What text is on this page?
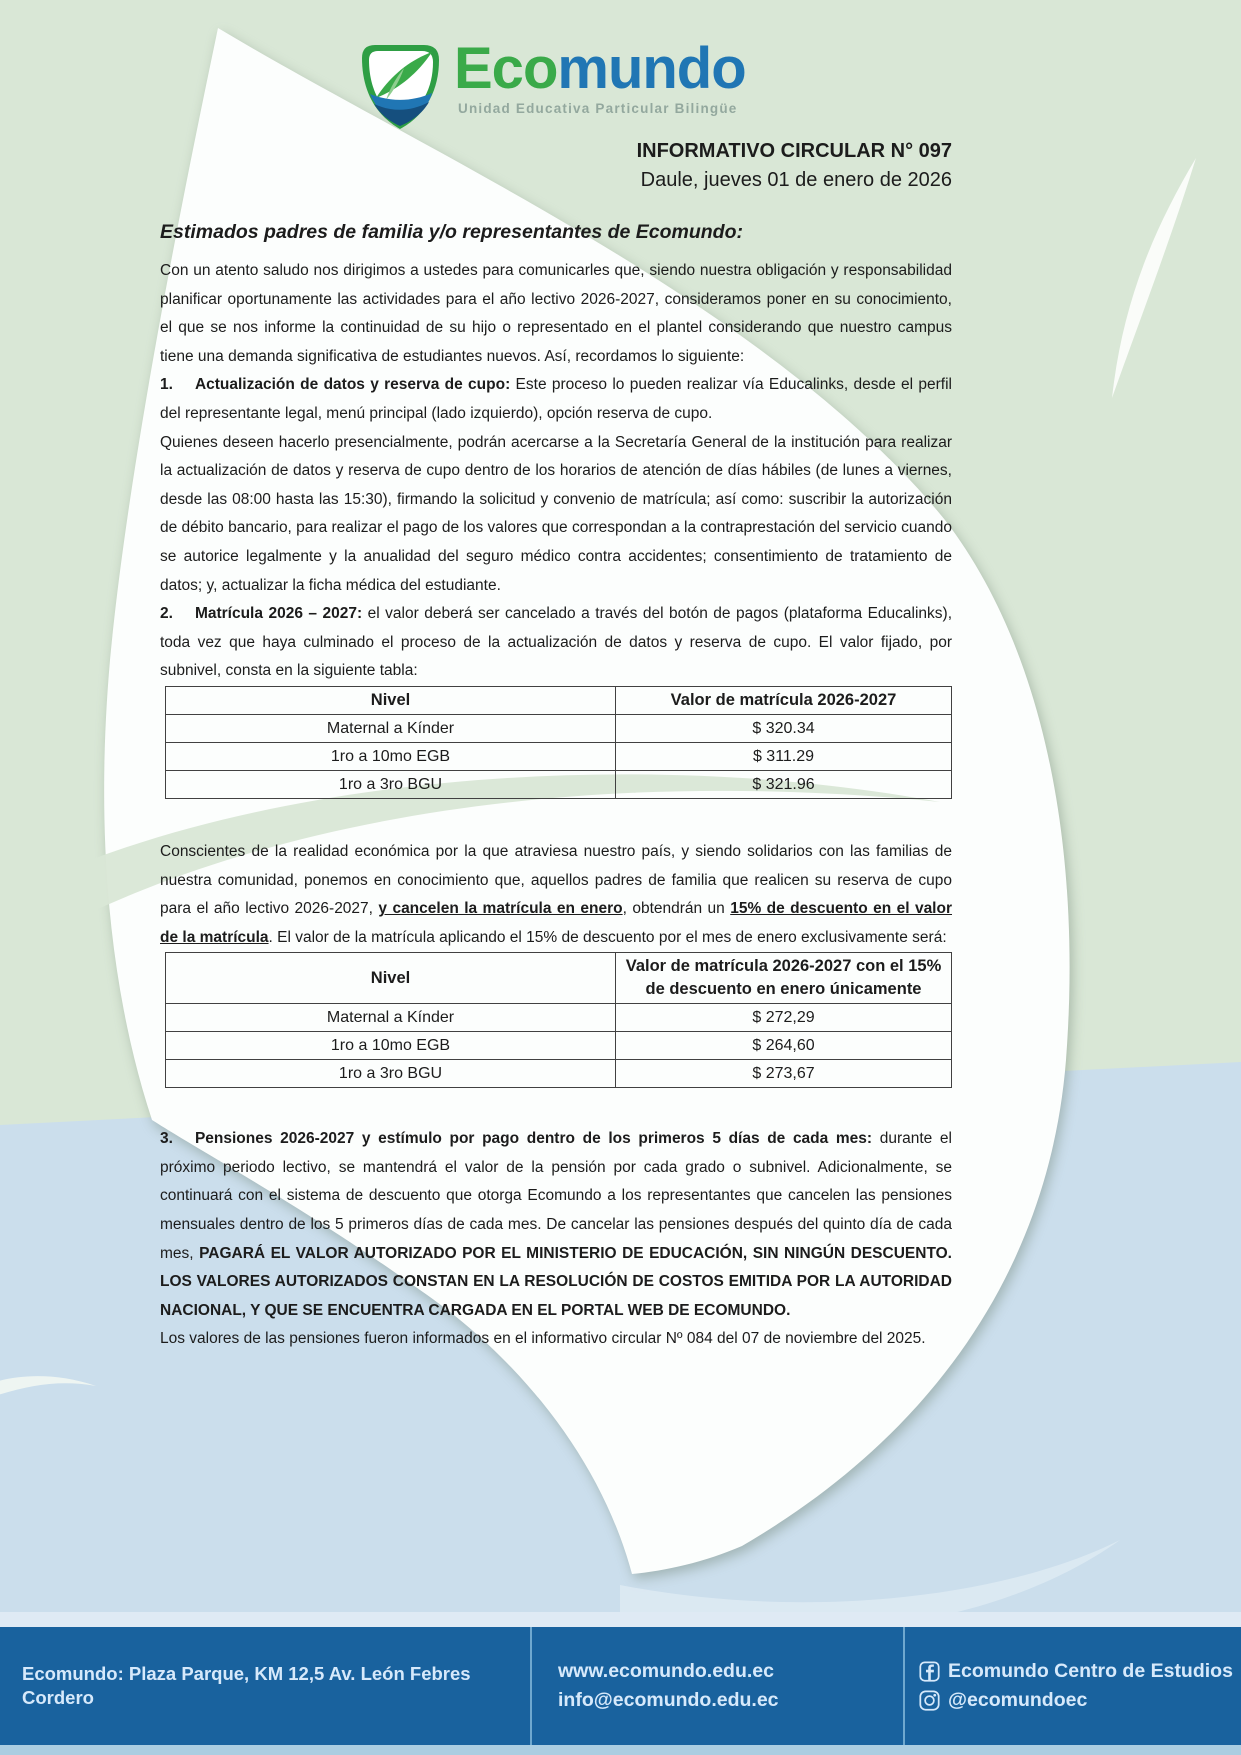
Ecomundo
Unidad Educativa Particular Bilingüe
INFORMATIVO CIRCULAR N° 097
Daule, jueves 01 de enero de 2026
Estimados padres de familia y/o representantes de Ecomundo:

Con un atento saludo nos dirigimos a ustedes para comunicarles que, siendo nuestra obligación y responsabilidad planificar oportunamente las actividades para el año lectivo 2026-2027, consideramos poner en su conocimiento, el que se nos informe la continuidad de su hijo o representado en el plantel considerando que nuestro campus tiene una demanda significativa de estudiantes nuevos. Así, recordamos lo siguiente:

1. Actualización de datos y reserva de cupo: Este proceso lo pueden realizar vía Educalinks, desde el perfil del representante legal, menú principal (lado izquierdo), opción reserva de cupo.

Quienes deseen hacerlo presencialmente, podrán acercarse a la Secretaría General de la institución para realizar la actualización de datos y reserva de cupo dentro de los horarios de atención de días hábiles (de lunes a viernes, desde las 08:00 hasta las 15:30), firmando la solicitud y convenio de matrícula; así como: suscribir la autorización de débito bancario, para realizar el pago de los valores que correspondan a la contraprestación del servicio cuando se autorice legalmente y la anualidad del seguro médico contra accidentes; consentimiento de tratamiento de datos; y, actualizar la ficha médica del estudiante.

2. Matrícula 2026 – 2027: el valor deberá ser cancelado a través del botón de pagos (plataforma Educalinks), toda vez que haya culminado el proceso de la actualización de datos y reserva de cupo. El valor fijado, por subnivel, consta en la siguiente tabla:

Nivel	Valor de matrícula 2026-2027
Maternal a Kínder	$ 320.34
1ro a 10mo EGB	$ 311.29
1ro a 3ro BGU	$ 321.96

Conscientes de la realidad económica por la que atraviesa nuestro país, y siendo solidarios con las familias de nuestra comunidad, ponemos en conocimiento que, aquellos padres de familia que realicen su reserva de cupo para el año lectivo 2026-2027, y cancelen la matrícula en enero, obtendrán un 15% de descuento en el valor de la matrícula. El valor de la matrícula aplicando el 15% de descuento por el mes de enero exclusivamente será:

Nivel	Valor de matrícula 2026-2027 con el 15% de descuento en enero únicamente
Maternal a Kínder	$ 272,29
1ro a 10mo EGB	$ 264,60
1ro a 3ro BGU	$ 273,67

3. Pensiones 2026-2027 y estímulo por pago dentro de los primeros 5 días de cada mes: durante el próximo periodo lectivo, se mantendrá el valor de la pensión por cada grado o subnivel. Adicionalmente, se continuará con el sistema de descuento que otorga Ecomundo a los representantes que cancelen las pensiones mensuales dentro de los 5 primeros días de cada mes. De cancelar las pensiones después del quinto día de cada mes, PAGARÁ EL VALOR AUTORIZADO POR EL MINISTERIO DE EDUCACIÓN, SIN NINGÚN DESCUENTO. LOS VALORES AUTORIZADOS CONSTAN EN LA RESOLUCIÓN DE COSTOS EMITIDA POR LA AUTORIDAD NACIONAL, Y QUE SE ENCUENTRA CARGADA EN EL PORTAL WEB DE ECOMUNDO.

Los valores de las pensiones fueron informados en el informativo circular Nº 084 del 07 de noviembre del 2025.

Ecomundo: Plaza Parque, KM 12,5 Av. León Febres Cordero
www.ecomundo.edu.ec
info@ecomundo.edu.ec
Ecomundo Centro de Estudios
@ecomundoec
